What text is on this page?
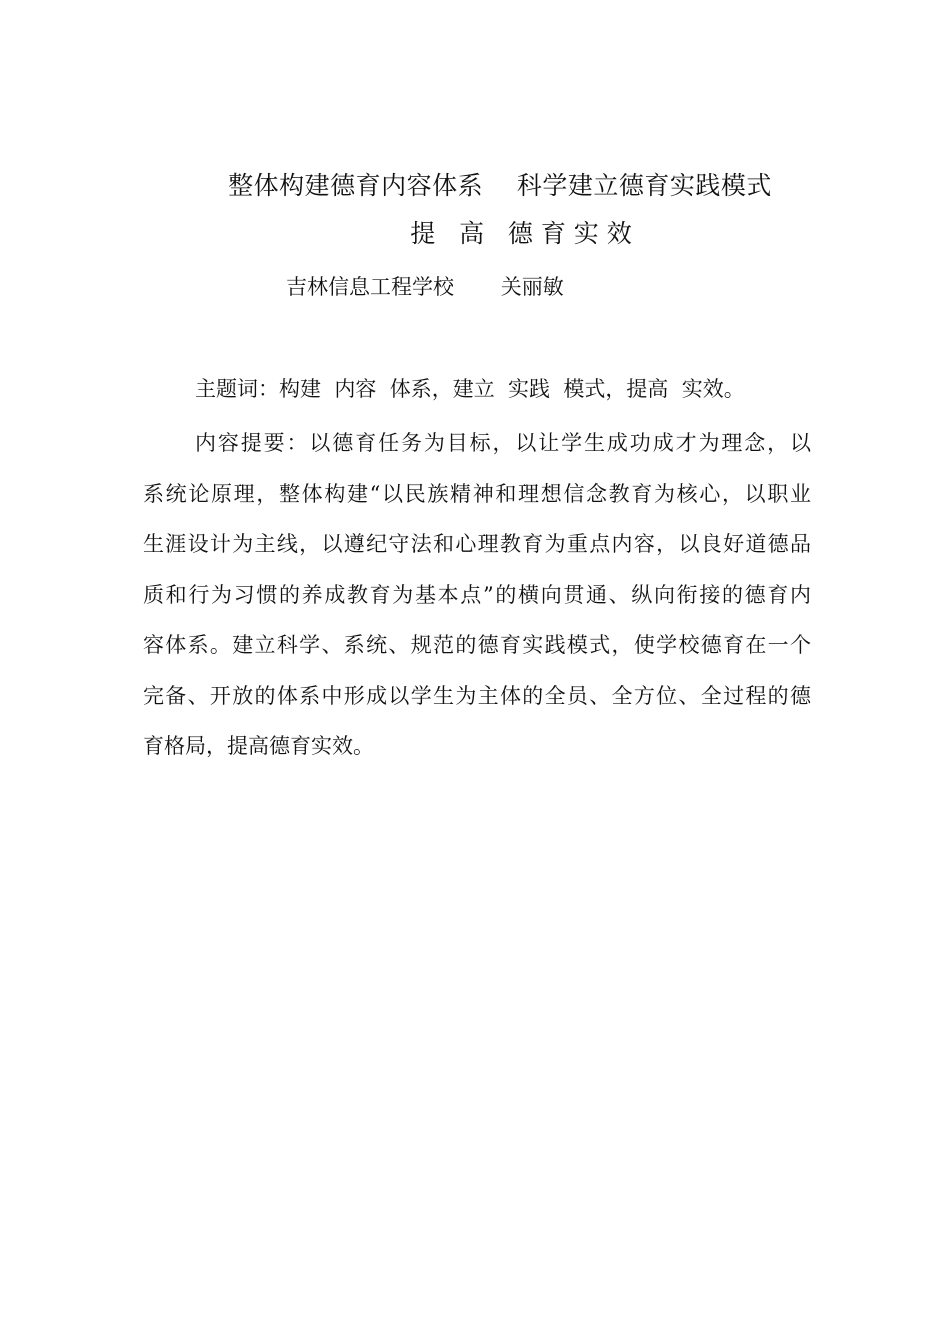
整体构建德育内容体系    科学建立德育实践模式
提   高   德 育 实 效
吉林信息工程学校       关丽敏
主题词：构建  内容  体系，建立  实践  模式，提高  实效。
内容提要：以德育任务为目标，以让学生成功成才为理念，以
系统论原理，整体构建“以民族精神和理想信念教育为核心，以职业
生涯设计为主线，以遵纪守法和心理教育为重点内容，以良好道德品
质和行为习惯的养成教育为基本点”的横向贯通、纵向衔接的德育内
容体系。建立科学、系统、规范的德育实践模式，使学校德育在一个
完备、开放的体系中形成以学生为主体的全员、全方位、全过程的德
育格局，提高德育实效。
